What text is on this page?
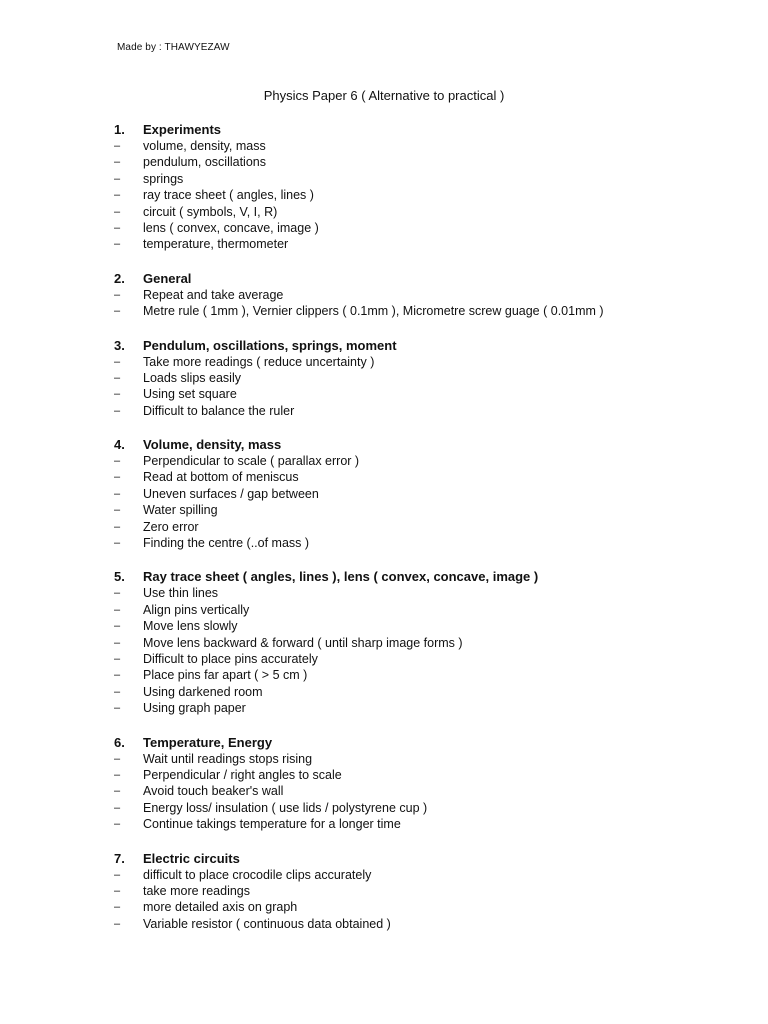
Made by : THAWYEZAW
Physics Paper 6 ( Alternative to practical )
1. Experiments
– volume, density, mass
– pendulum, oscillations
– springs
– ray trace sheet ( angles, lines )
– circuit ( symbols, V, I, R)
– lens ( convex, concave, image )
– temperature, thermometer
2. General
– Repeat and take average
– Metre rule ( 1mm ), Vernier clippers ( 0.1mm ), Micrometre screw guage ( 0.01mm )
3. Pendulum, oscillations, springs, moment
– Take more readings ( reduce uncertainty )
– Loads slips easily
– Using set square
– Difficult to balance the ruler
4. Volume, density, mass
– Perpendicular to scale ( parallax error )
– Read at bottom of meniscus
– Uneven surfaces / gap between
– Water spilling
– Zero error
– Finding the centre (..of mass )
5. Ray trace sheet ( angles, lines ), lens ( convex, concave, image )
– Use thin lines
– Align pins vertically
– Move lens slowly
– Move lens backward & forward ( until sharp image forms )
– Difficult to place pins accurately
– Place pins far apart ( > 5 cm )
– Using darkened room
– Using graph paper
6. Temperature, Energy
– Wait until readings stops rising
– Perpendicular / right angles to scale
– Avoid touch beaker's wall
– Energy loss/ insulation ( use lids / polystyrene cup )
– Continue takings temperature for a longer time
7. Electric circuits
– difficult to place crocodile clips accurately
– take more readings
– more detailed axis on graph
– Variable resistor ( continuous data obtained )
